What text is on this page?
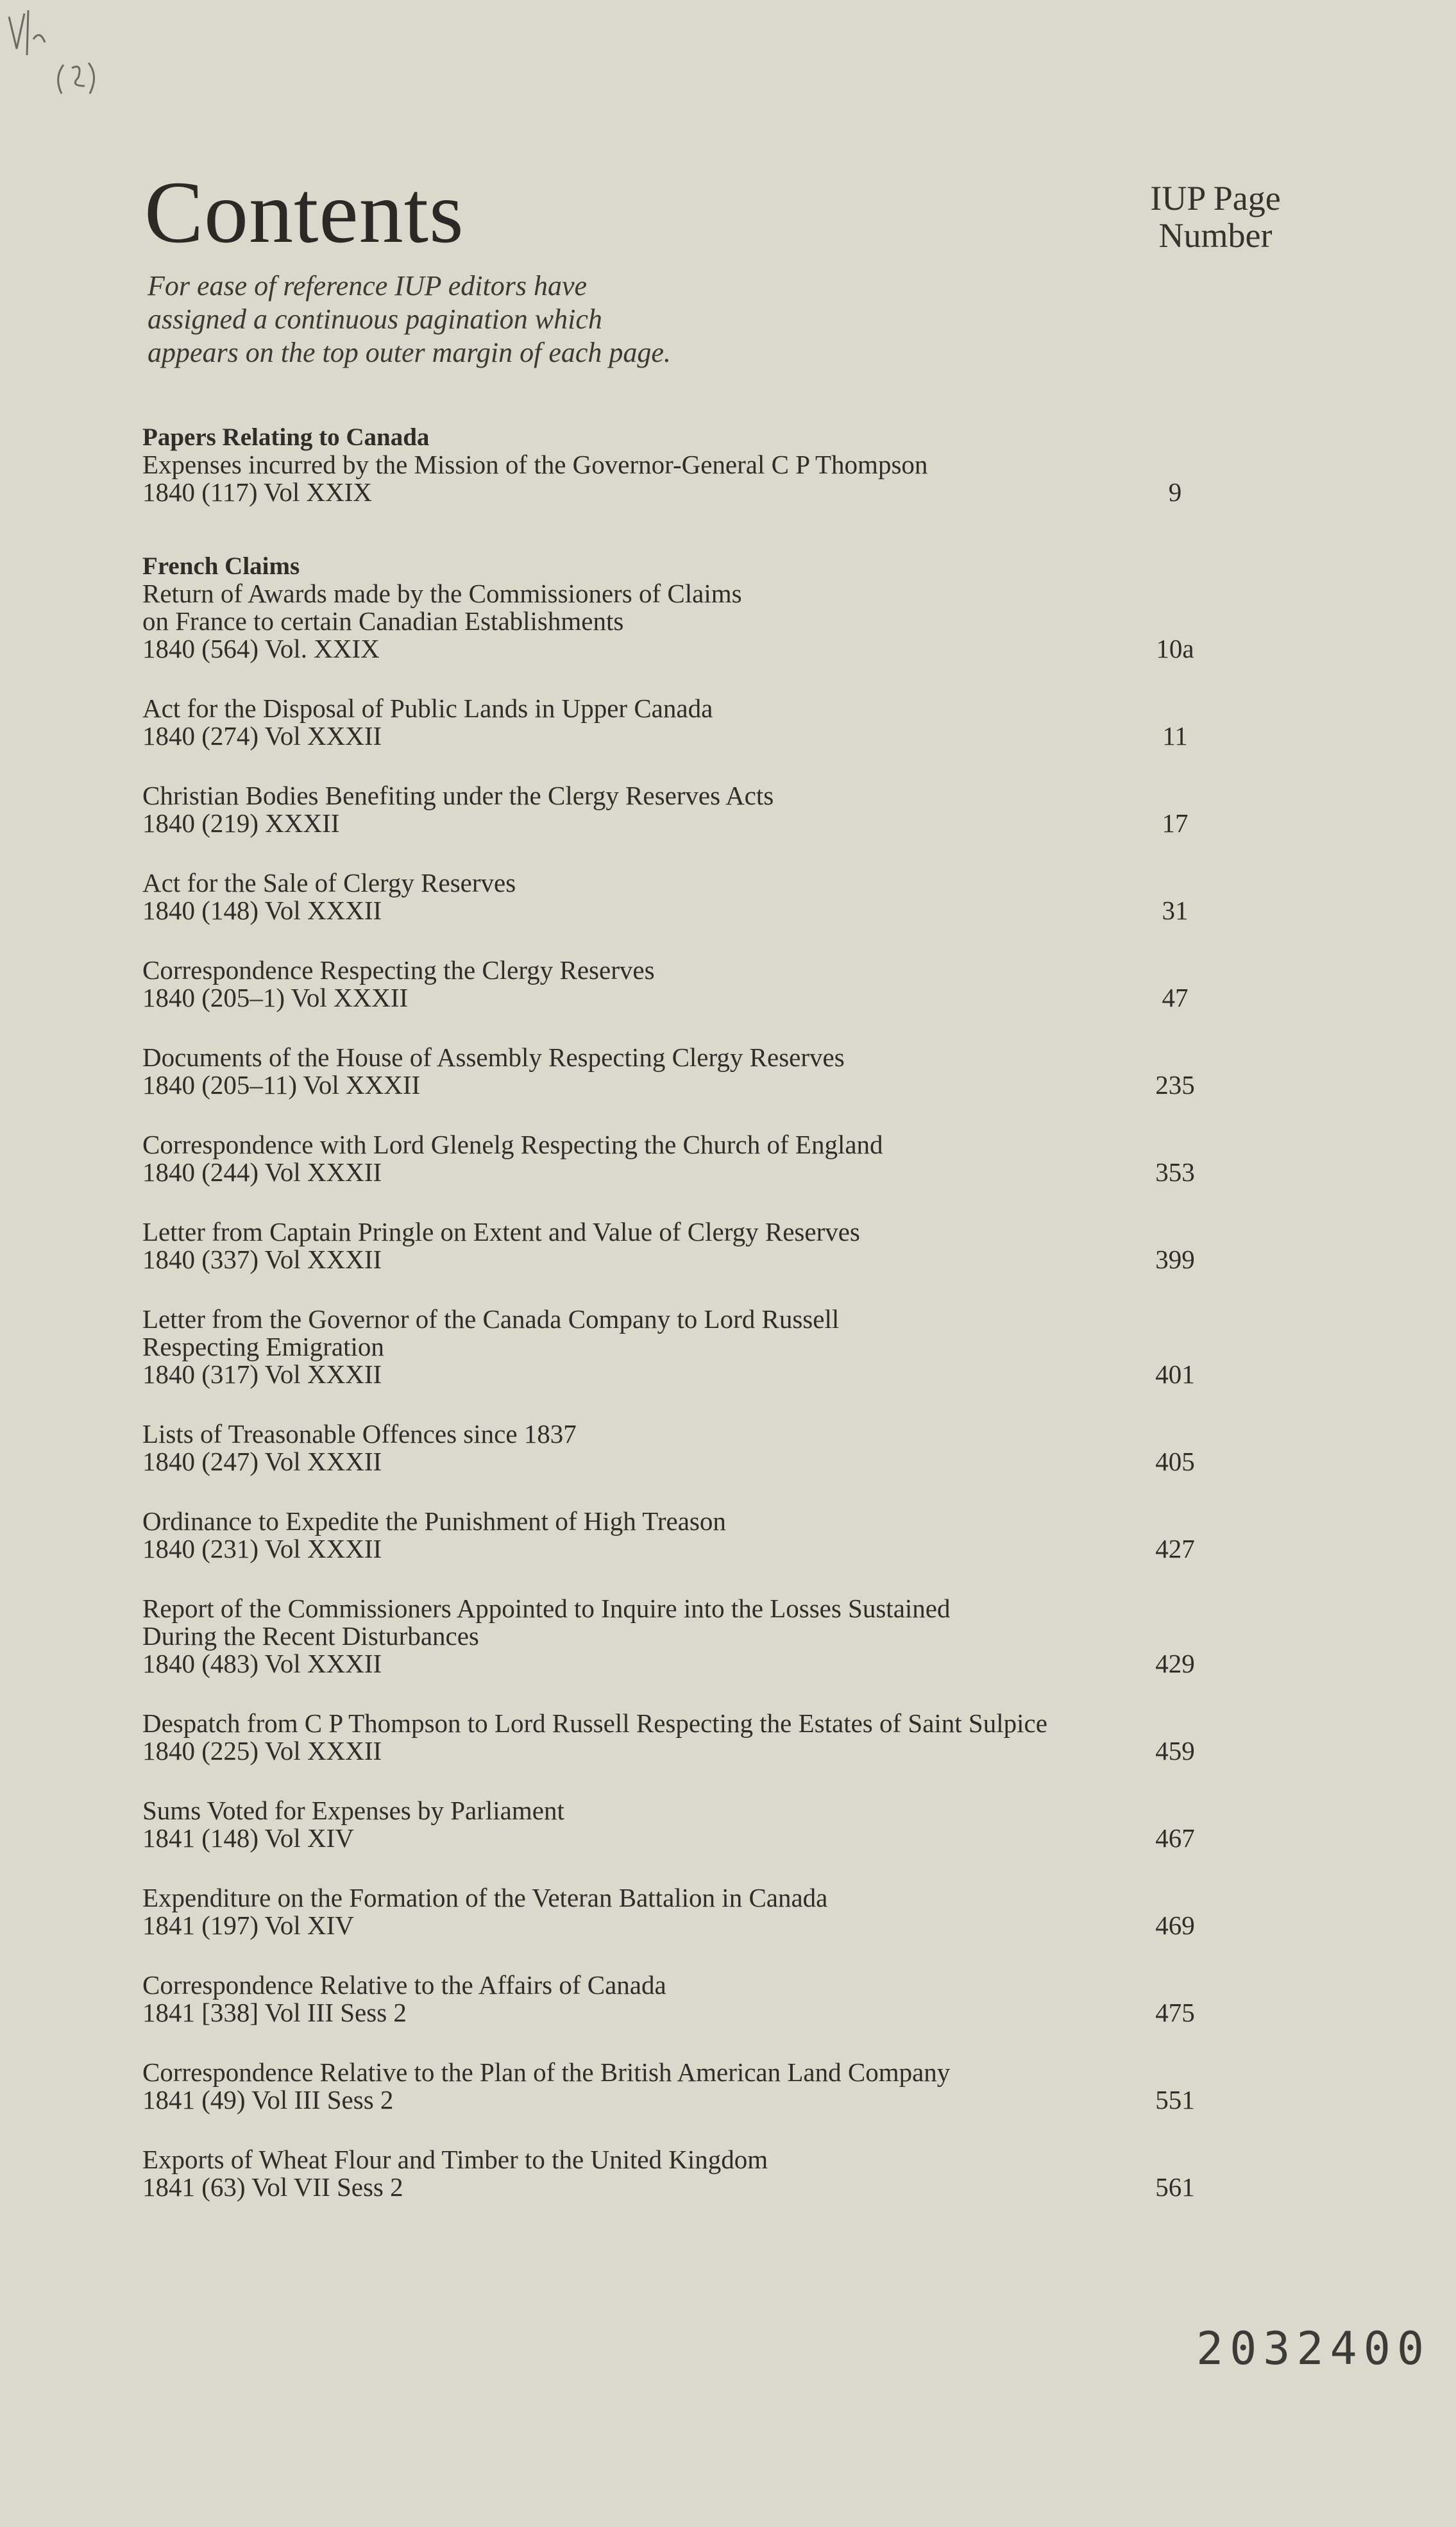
Contents	IUP Page
Number
For ease of reference IUP editors have
assigned a continuous pagination which
appears on the top outer margin of each page.
Papers Relating to Canada
Expenses incurred by the Mission of the Governor-General C P Thompson
1840 (117) Vol XXIX	9
French Claims
Return of Awards made by the Commissioners of Claims
on France to certain Canadian Establishments
1840 (564) Vol. XXIX	10a
Act for the Disposal of Public Lands in Upper Canada
1840 (274) Vol XXXII	11
Christian Bodies Benefiting under the Clergy Reserves Acts
1840 (219) XXXII	17
Act for the Sale of Clergy Reserves
1840 (148) Vol XXXII	31
Correspondence Respecting the Clergy Reserves
1840 (205–1) Vol XXXII	47
Documents of the House of Assembly Respecting Clergy Reserves
1840 (205–11) Vol XXXII	235
Correspondence with Lord Glenelg Respecting the Church of England
1840 (244) Vol XXXII	353
Letter from Captain Pringle on Extent and Value of Clergy Reserves
1840 (337) Vol XXXII	399
Letter from the Governor of the Canada Company to Lord Russell
Respecting Emigration
1840 (317) Vol XXXII	401
Lists of Treasonable Offences since 1837
1840 (247) Vol XXXII	405
Ordinance to Expedite the Punishment of High Treason
1840 (231) Vol XXXII	427
Report of the Commissioners Appointed to Inquire into the Losses Sustained
During the Recent Disturbances
1840 (483) Vol XXXII	429
Despatch from C P Thompson to Lord Russell Respecting the Estates of Saint Sulpice
1840 (225) Vol XXXII	459
Sums Voted for Expenses by Parliament
1841 (148) Vol XIV	467
Expenditure on the Formation of the Veteran Battalion in Canada
1841 (197) Vol XIV	469
Correspondence Relative to the Affairs of Canada
1841 [338] Vol III Sess 2	475
Correspondence Relative to the Plan of the British American Land Company
1841 (49) Vol III Sess 2	551
Exports of Wheat Flour and Timber to the United Kingdom
1841 (63) Vol VII Sess 2	561
2032400
